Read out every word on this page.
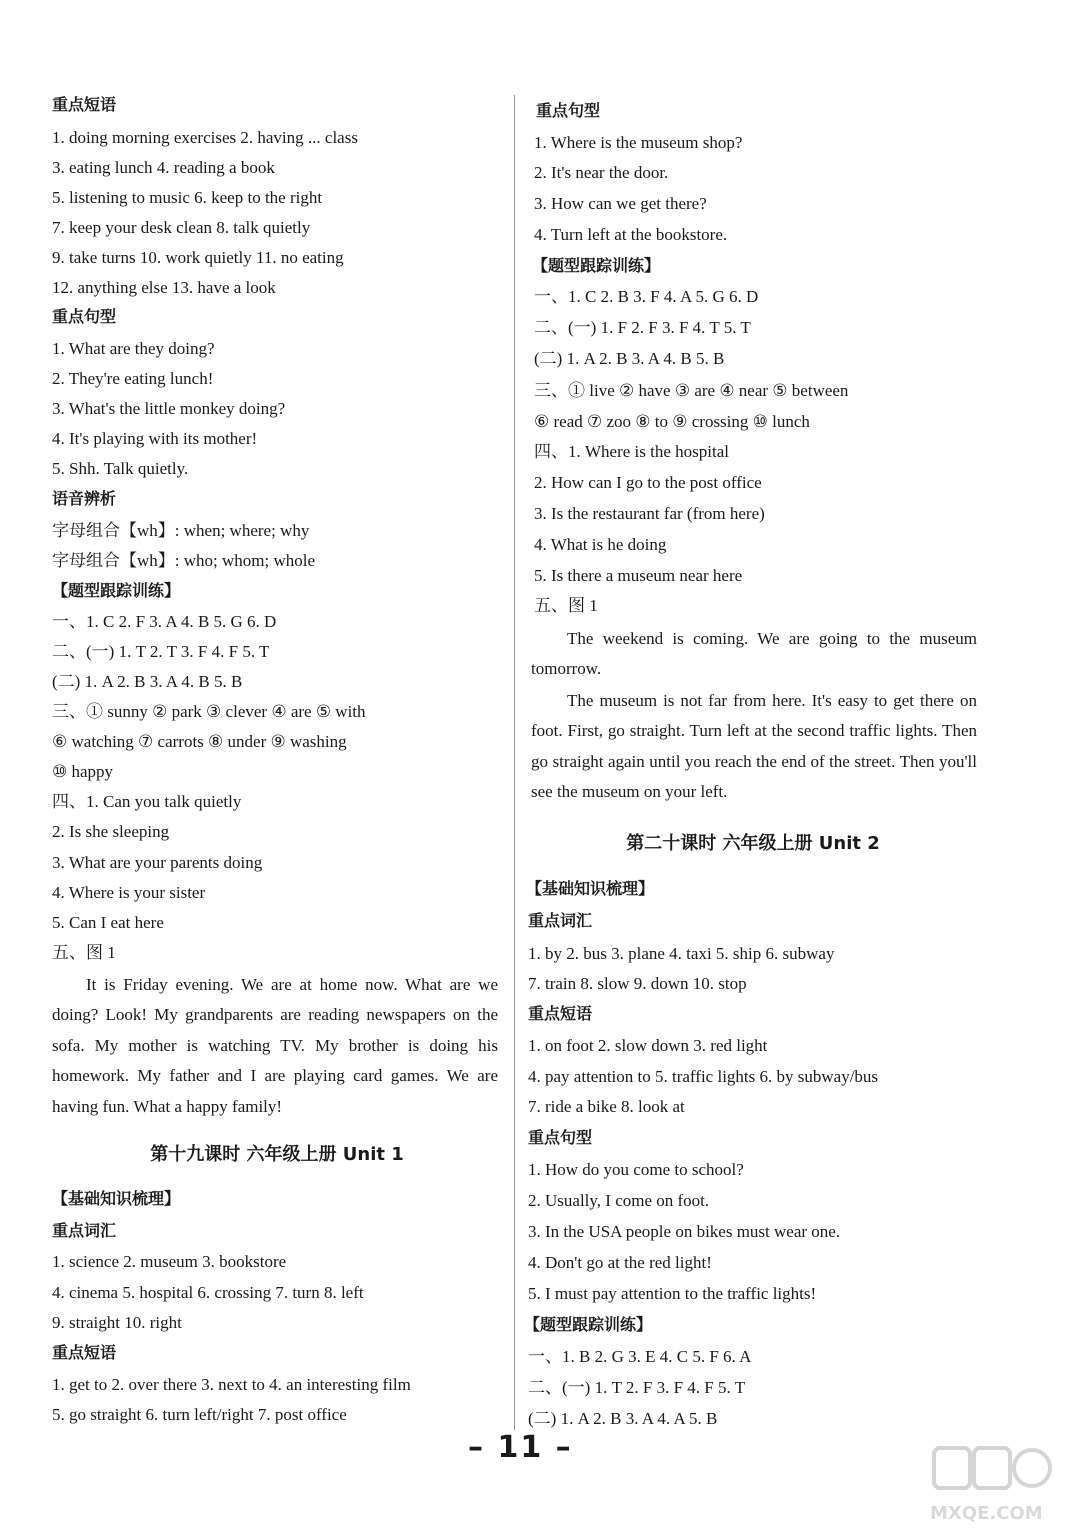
重点短语
1. doing morning exercises 2. having ... class
3. eating lunch 4. reading a book
5. listening to music 6. keep to the right
7. keep your desk clean 8. talk quietly
9. take turns 10. work quietly 11. no eating
12. anything else 13. have a look
重点句型
1. What are they doing?
2. They're eating lunch!
3. What's the little monkey doing?
4. It's playing with its mother!
5. Shh. Talk quietly.
语音辨析
字母组合【wh】: when; where; why
字母组合【wh】: who; whom; whole
【题型跟踪训练】
一、1. C 2. F 3. A 4. B 5. G 6. D
二、(一) 1. T 2. T 3. F 4. F 5. T
(二) 1. A 2. B 3. A 4. B 5. B
三、① sunny ② park ③ clever ④ are ⑤ with
⑥ watching ⑦ carrots ⑧ under ⑨ washing
⑩ happy
四、1. Can you talk quietly
2. Is she sleeping
3. What are your parents doing
4. Where is your sister
5. Can I eat here
五、图 1
It is Friday evening. We are at home now. What are we doing? Look! My grandparents are reading newspapers on the sofa. My mother is watching TV. My brother is doing his homework. My father and I are playing card games. We are having fun. What a happy family!
第十九课时 六年级上册 Unit 1
【基础知识梳理】
重点词汇
1. science 2. museum 3. bookstore
4. cinema 5. hospital 6. crossing 7. turn 8. left
9. straight 10. right
重点短语
1. get to 2. over there 3. next to 4. an interesting film
5. go straight 6. turn left/right 7. post office
重点句型
1. Where is the museum shop?
2. It's near the door.
3. How can we get there?
4. Turn left at the bookstore.
【题型跟踪训练】
一、1. C 2. B 3. F 4. A 5. G 6. D
二、(一) 1. F 2. F 3. F 4. T 5. T
(二) 1. A 2. B 3. A 4. B 5. B
三、① live ② have ③ are ④ near ⑤ between
⑥ read ⑦ zoo ⑧ to ⑨ crossing ⑩ lunch
四、1. Where is the hospital
2. How can I go to the post office
3. Is the restaurant far (from here)
4. What is he doing
5. Is there a museum near here
五、图 1
The weekend is coming. We are going to the museum tomorrow.
The museum is not far from here. It's easy to get there on foot. First, go straight. Turn left at the second traffic lights. Then go straight again until you reach the end of the street. Then you'll see the museum on your left.
第二十课时 六年级上册 Unit 2
【基础知识梳理】
重点词汇
1. by 2. bus 3. plane 4. taxi 5. ship 6. subway
7. train 8. slow 9. down 10. stop
重点短语
1. on foot 2. slow down 3. red light
4. pay attention to 5. traffic lights 6. by subway/bus
7. ride a bike 8. look at
重点句型
1. How do you come to school?
2. Usually, I come on foot.
3. In the USA people on bikes must wear one.
4. Don't go at the red light!
5. I must pay attention to the traffic lights!
【题型跟踪训练】
一、1. B 2. G 3. E 4. C 5. F 6. A
二、(一) 1. T 2. F 3. F 4. F 5. T
(二) 1. A 2. B 3. A 4. A 5. B
– 11 –
MXQE.COM
